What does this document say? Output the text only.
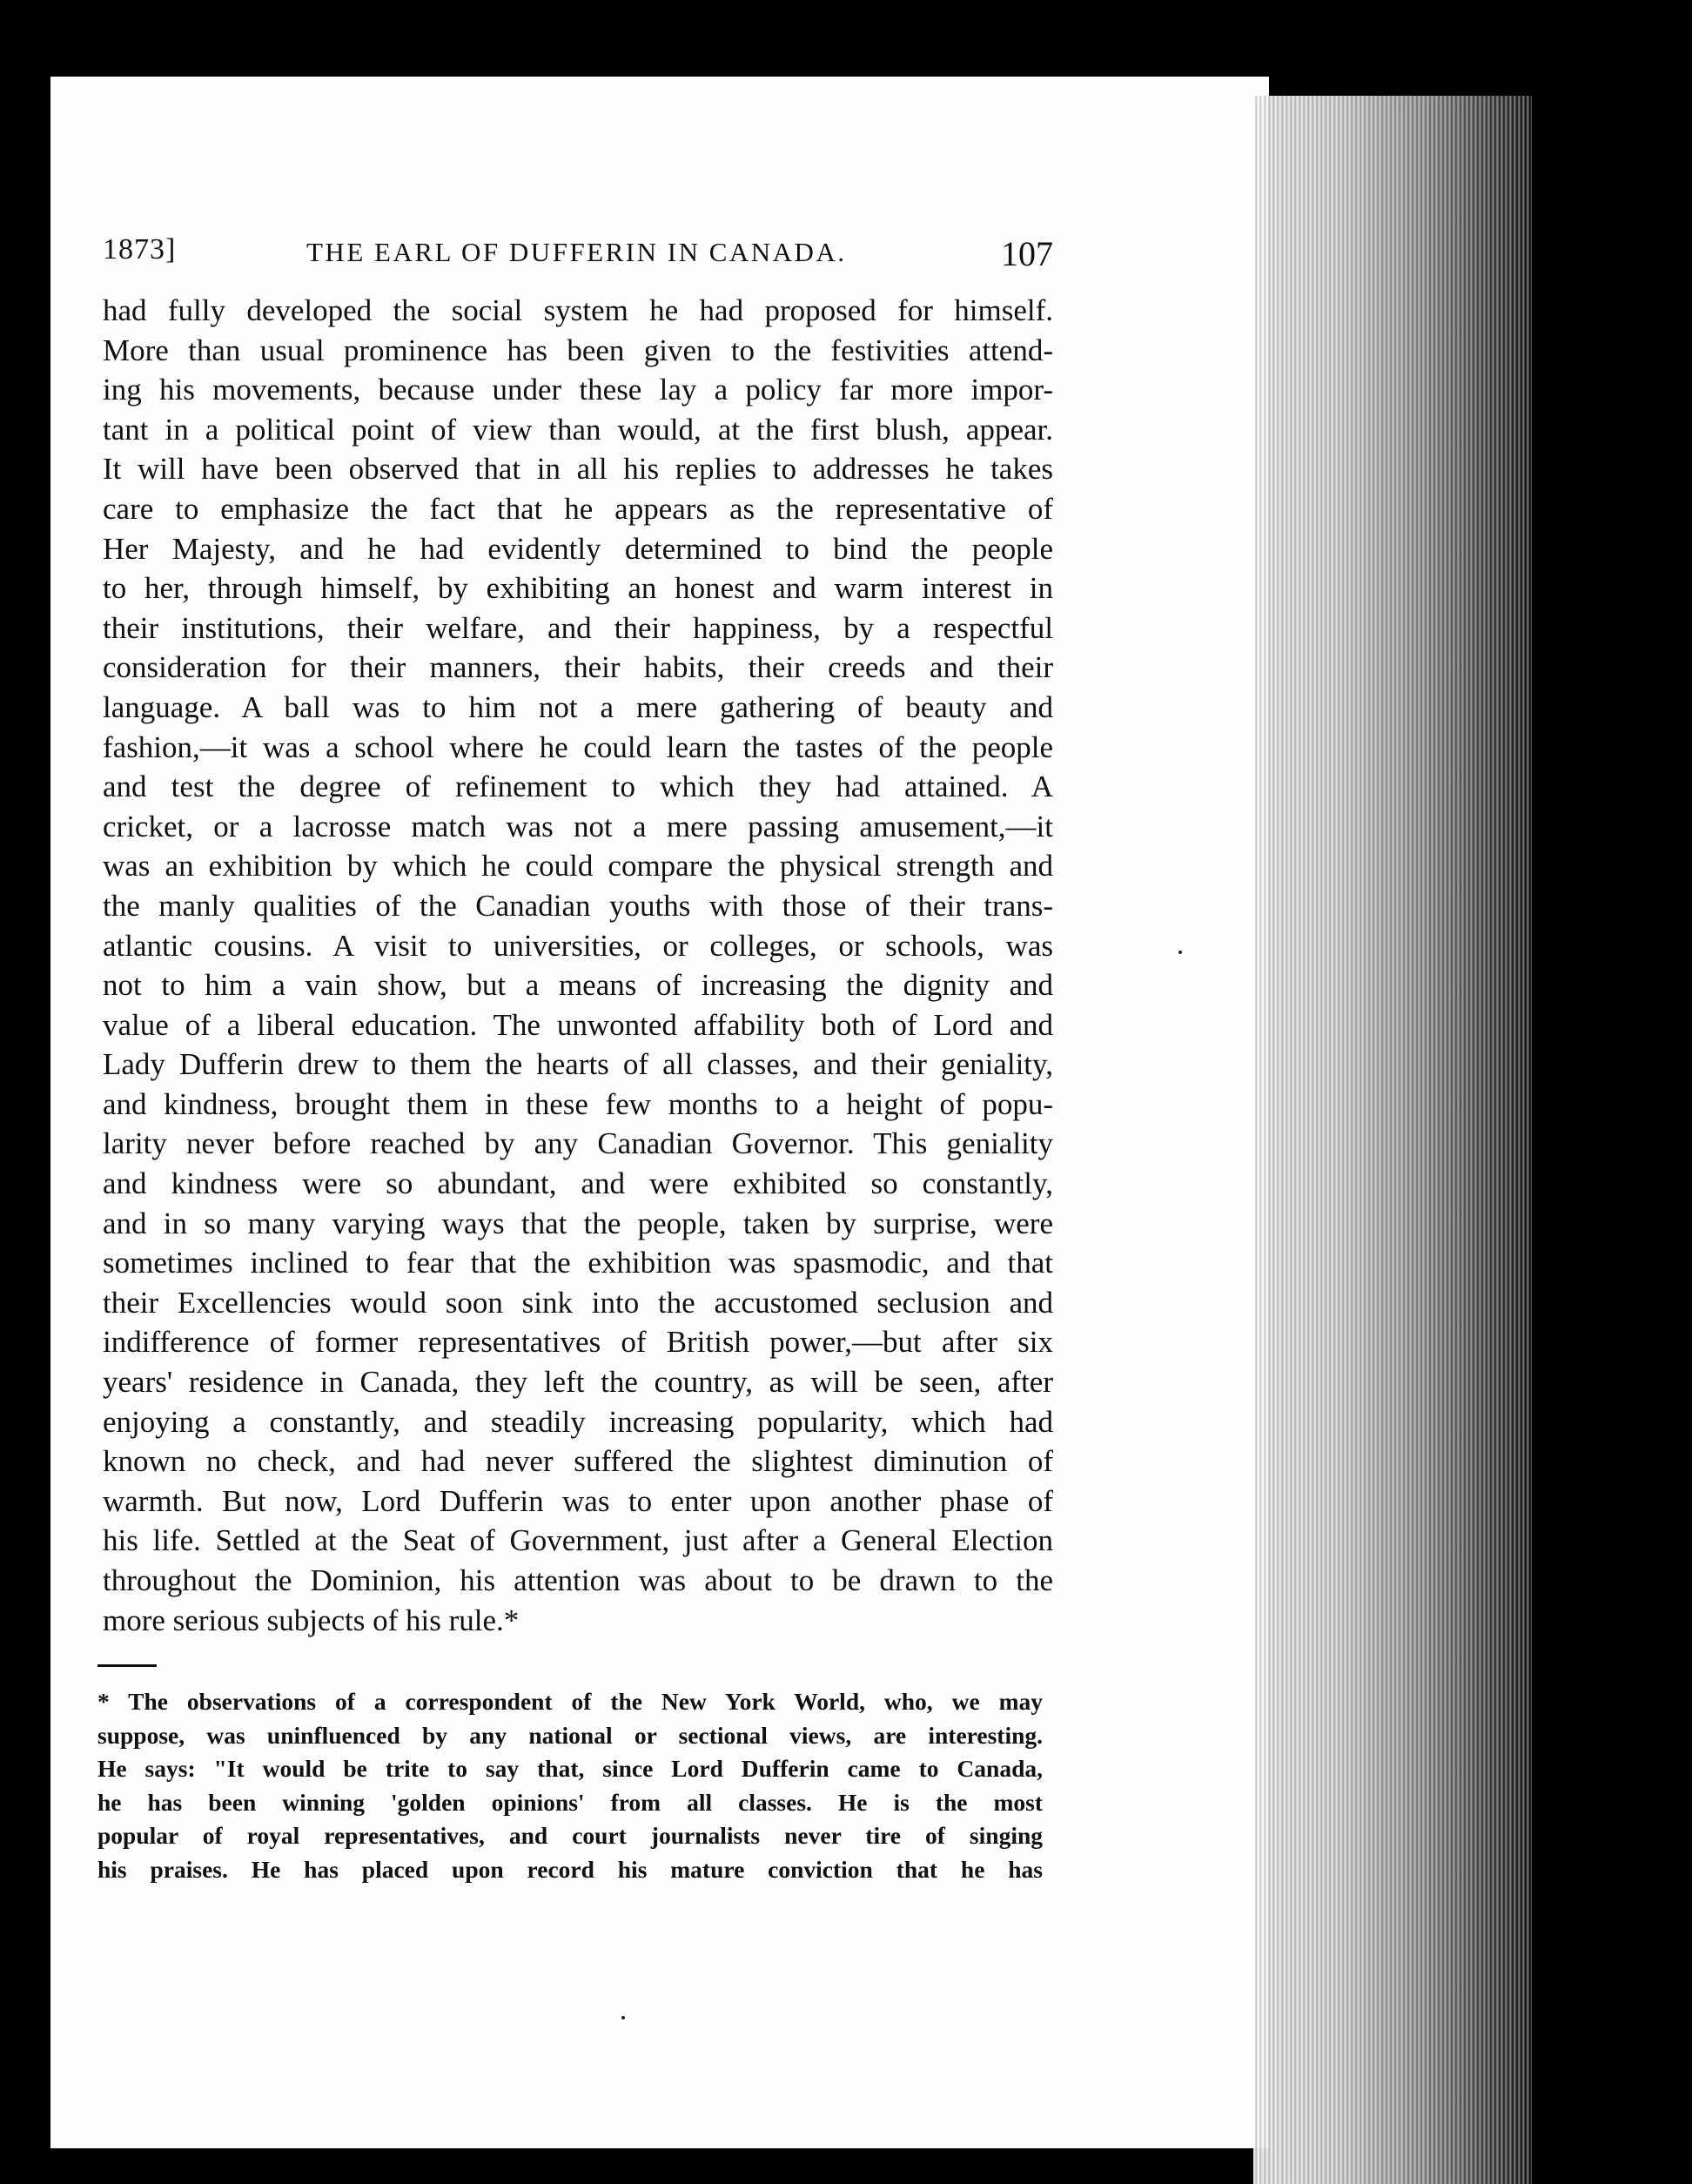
1873]	THE EARL OF DUFFERIN IN CANADA.	107
had fully developed the social system he had proposed for himself.
More than usual prominence has been given to the festivities attend-
ing his movements, because under these lay a policy far more impor-
tant in a political point of view than would, at the first blush, appear.
It will have been observed that in all his replies to addresses he takes
care to emphasize the fact that he appears as the representative of
Her Majesty, and he had evidently determined to bind the people
to her, through himself, by exhibiting an honest and warm interest in
their institutions, their welfare, and their happiness, by a respectful
consideration for their manners, their habits, their creeds and their
language. A ball was to him not a mere gathering of beauty and
fashion,—it was a school where he could learn the tastes of the people
and test the degree of refinement to which they had attained. A
cricket, or a lacrosse match was not a mere passing amusement,—it
was an exhibition by which he could compare the physical strength and
the manly qualities of the Canadian youths with those of their trans-
atlantic cousins. A visit to universities, or colleges, or schools, was
not to him a vain show, but a means of increasing the dignity and
value of a liberal education. The unwonted affability both of Lord and
Lady Dufferin drew to them the hearts of all classes, and their geniality,
and kindness, brought them in these few months to a height of popu-
larity never before reached by any Canadian Governor. This geniality
and kindness were so abundant, and were exhibited so constantly,
and in so many varying ways that the people, taken by surprise, were
sometimes inclined to fear that the exhibition was spasmodic, and that
their Excellencies would soon sink into the accustomed seclusion and
indifference of former representatives of British power,—but after six
years' residence in Canada, they left the country, as will be seen, after
enjoying a constantly, and steadily increasing popularity, which had
known no check, and had never suffered the slightest diminution of
warmth. But now, Lord Dufferin was to enter upon another phase of
his life. Settled at the Seat of Government, just after a General Election
throughout the Dominion, his attention was about to be drawn to the
more serious subjects of his rule.*
* The observations of a correspondent of the New York World, who, we may
suppose, was uninfluenced by any national or sectional views, are interesting.
He says: "It would be trite to say that, since Lord Dufferin came to Canada,
he has been winning 'golden opinions' from all classes. He is the most
popular of royal representatives, and court journalists never tire of singing
his praises. He has placed upon record his mature conviction that he has
